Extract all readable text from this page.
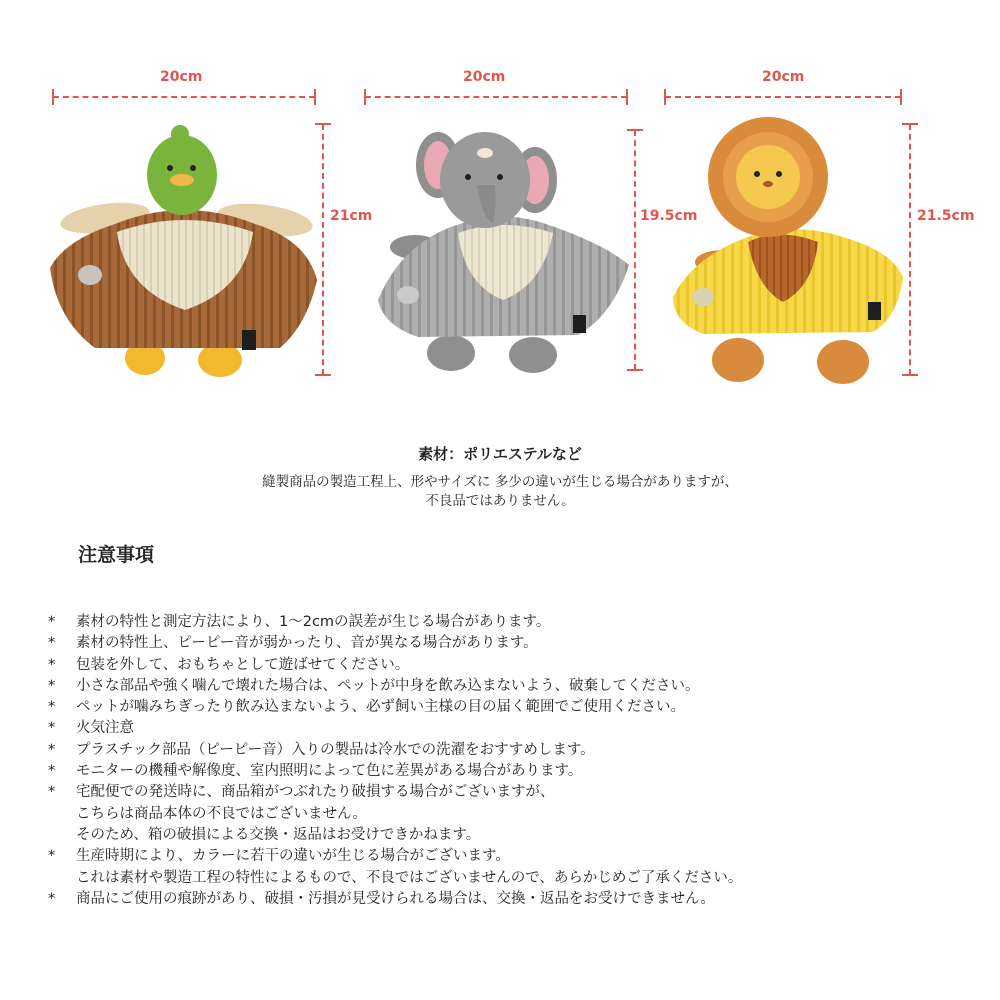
20cm
21cm
20cm
19.5cm
20cm
21.5cm
素材：ポリエステルなど
縫製商品の製造工程上、形やサイズに 多少の違いが生じる場合がありますが、
不良品ではありません。
注意事項
* 素材の特性と測定方法により、1〜2cmの誤差が生じる場合があります。
* 素材の特性上、ピーピー音が弱かったり、音が異なる場合があります。
* 包装を外して、おもちゃとして遊ばせてください。
* 小さな部品や強く噛んで壊れた場合は、ペットが中身を飲み込まないよう、破棄してください。
* ペットが噛みちぎったり飲み込まないよう、必ず飼い主様の目の届く範囲でご使用ください。
* 火気注意
* プラスチック部品（ピーピー音）入りの製品は冷水での洗濯をおすすめします。
* モニターの機種や解像度、室内照明によって色に差異がある場合があります。
* 宅配便での発送時に、商品箱がつぶれたり破損する場合がございますが、
こちらは商品本体の不良ではございません。
そのため、箱の破損による交換・返品はお受けできかねます。
* 生産時期により、カラーに若干の違いが生じる場合がございます。
これは素材や製造工程の特性によるもので、不良ではございませんので、あらかじめご了承ください。
* 商品にご使用の痕跡があり、破損・汚損が見受けられる場合は、交換・返品をお受けできません。
